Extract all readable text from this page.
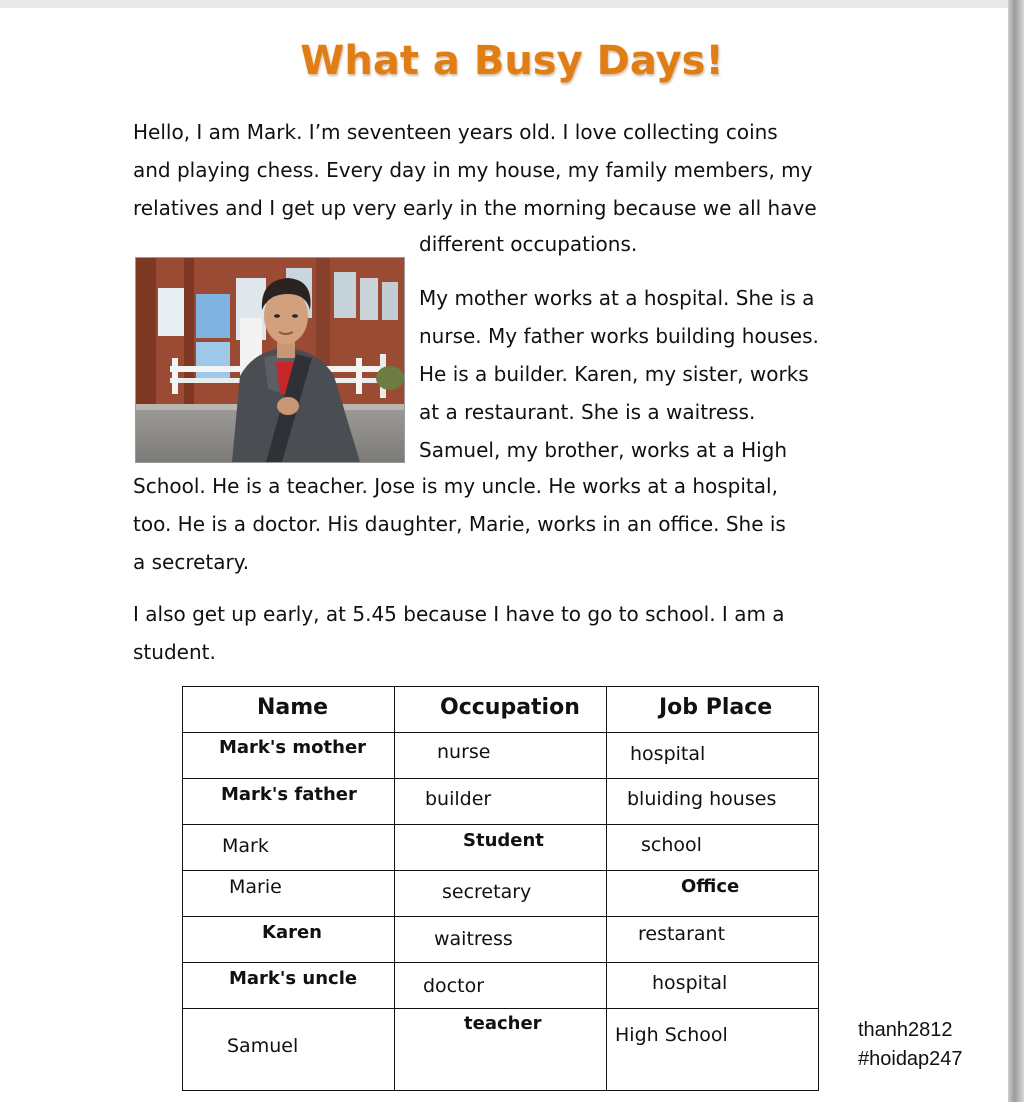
What a Busy Days!
Hello, I am Mark. I’m seventeen years old. I love collecting coins
and playing chess. Every day in my house, my family members, my
relatives and I get up very early in the morning because we all have
different occupations.
My mother works at a hospital. She is a
nurse. My father works building houses.
He is a builder. Karen, my sister, works
at a restaurant. She is a waitress.
Samuel, my brother, works at a High
School. He is a teacher. Jose is my uncle. He works at a hospital,
too. He is a doctor. His daughter, Marie, works in an office. She is
a secretary.
I also get up early, at 5.45 because I have to go to school. I am a
student.
Name	Occupation	Job Place

Mark's mother	nurse	hospital

Mark's father	builder	bluiding houses

Mark	Student	school

Marie	secretary	Office

Karen	waitress	restarant

Mark's uncle	doctor	hospital

Samuel	teacher	High School	thanh2812
#hoidap247
